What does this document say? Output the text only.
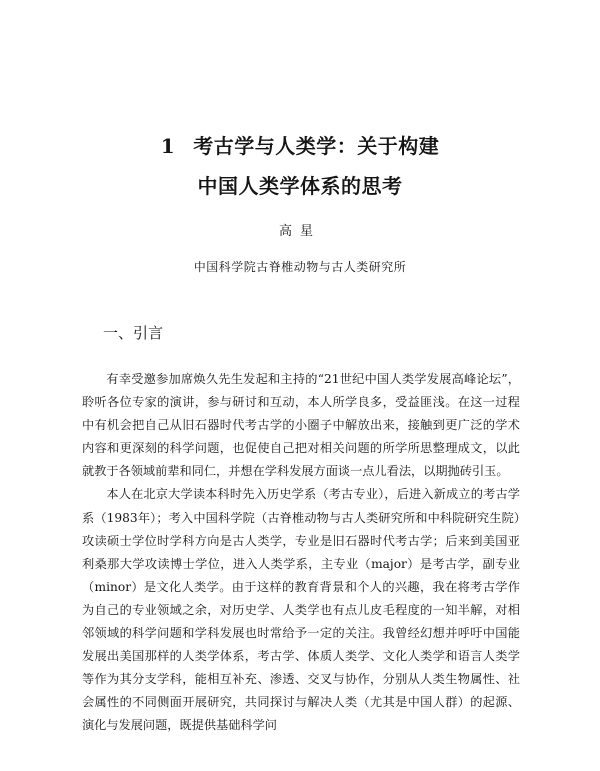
1 考古学与人类学：关于构建
中国人类学体系的思考
高星
中国科学院古脊椎动物与古人类研究所
一、引言

有幸受邀参加席焕久先生发起和主持的“21世纪中国人类学发展高峰论坛”，聆听各位专家的演讲，参与研讨和互动，本人所学良多，受益匪浅。在这一过程中有机会把自己从旧石器时代考古学的小圈子中解放出来，接触到更广泛的学术内容和更深刻的科学问题，也促使自己把对相关问题的所学所思整理成文，以此就教于各领域前辈和同仁，并想在学科发展方面谈一点儿看法，以期抛砖引玉。

本人在北京大学读本科时先入历史学系（考古专业），后进入新成立的考古学系（1983年）；考入中国科学院（古脊椎动物与古人类研究所和中科院研究生院）攻读硕士学位时学科方向是古人类学，专业是旧石器时代考古学；后来到美国亚利桑那大学攻读博士学位，进入人类学系，主专业（major）是考古学，副专业（minor）是文化人类学。由于这样的教育背景和个人的兴趣，我在将考古学作为自己的专业领域之余，对历史学、人类学也有点儿皮毛程度的一知半解，对相邻领域的科学问题和学科发展也时常给予一定的关注。我曾经幻想并呼吁中国能发展出美国那样的人类学体系，考古学、体质人类学、文化人类学和语言人类学等作为其分支学科，能相互补充、渗透、交叉与协作，分别从人类生物属性、社会属性的不同侧面开展研究，共同探讨与解决人类（尤其是中国人群）的起源、演化与发展问题，既提供基础科学问
